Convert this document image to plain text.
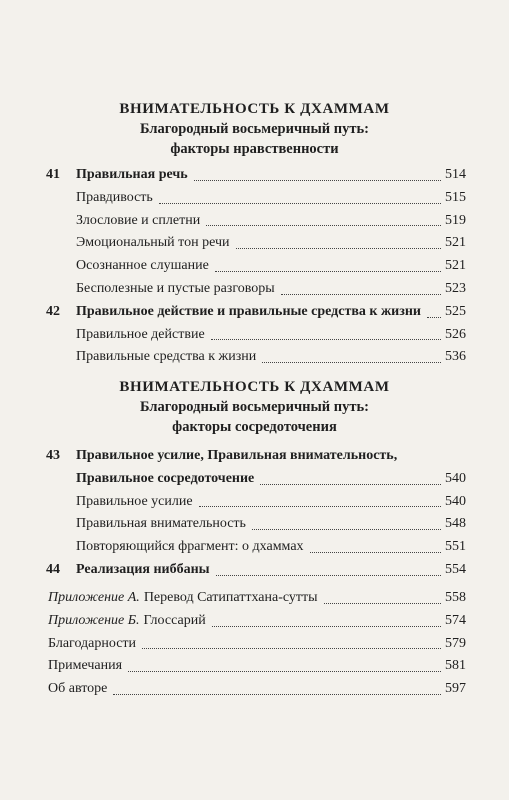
ВНИМАТЕЛЬНОСТЬ К ДХАММАМ
Благородный восьмеричный путь:
факторы нравственности
41	Правильная речь	514
Правдивость	515
Злословие и сплетни	519
Эмоциональный тон речи	521
Осознанное слушание	521
Бесполезные и пустые разговоры	523
42	Правильное действие и правильные средства к жизни 525
Правильное действие	526
Правильные средства к жизни	536
ВНИМАТЕЛЬНОСТЬ К ДХАММАМ
Благородный восьмеричный путь:
факторы сосредоточения
43	Правильное усилие, Правильная внимательность,
Правильное сосредоточение	540
Правильное усилие	540
Правильная внимательность	548
Повторяющийся фрагмент: о дхаммах	551
44	Реализация ниббаны	554
Приложение А. Перевод Сатипаттхана-сутты	558
Приложение Б. Глоссарий	574
Благодарности	579
Примечания	581
Об авторе	597
